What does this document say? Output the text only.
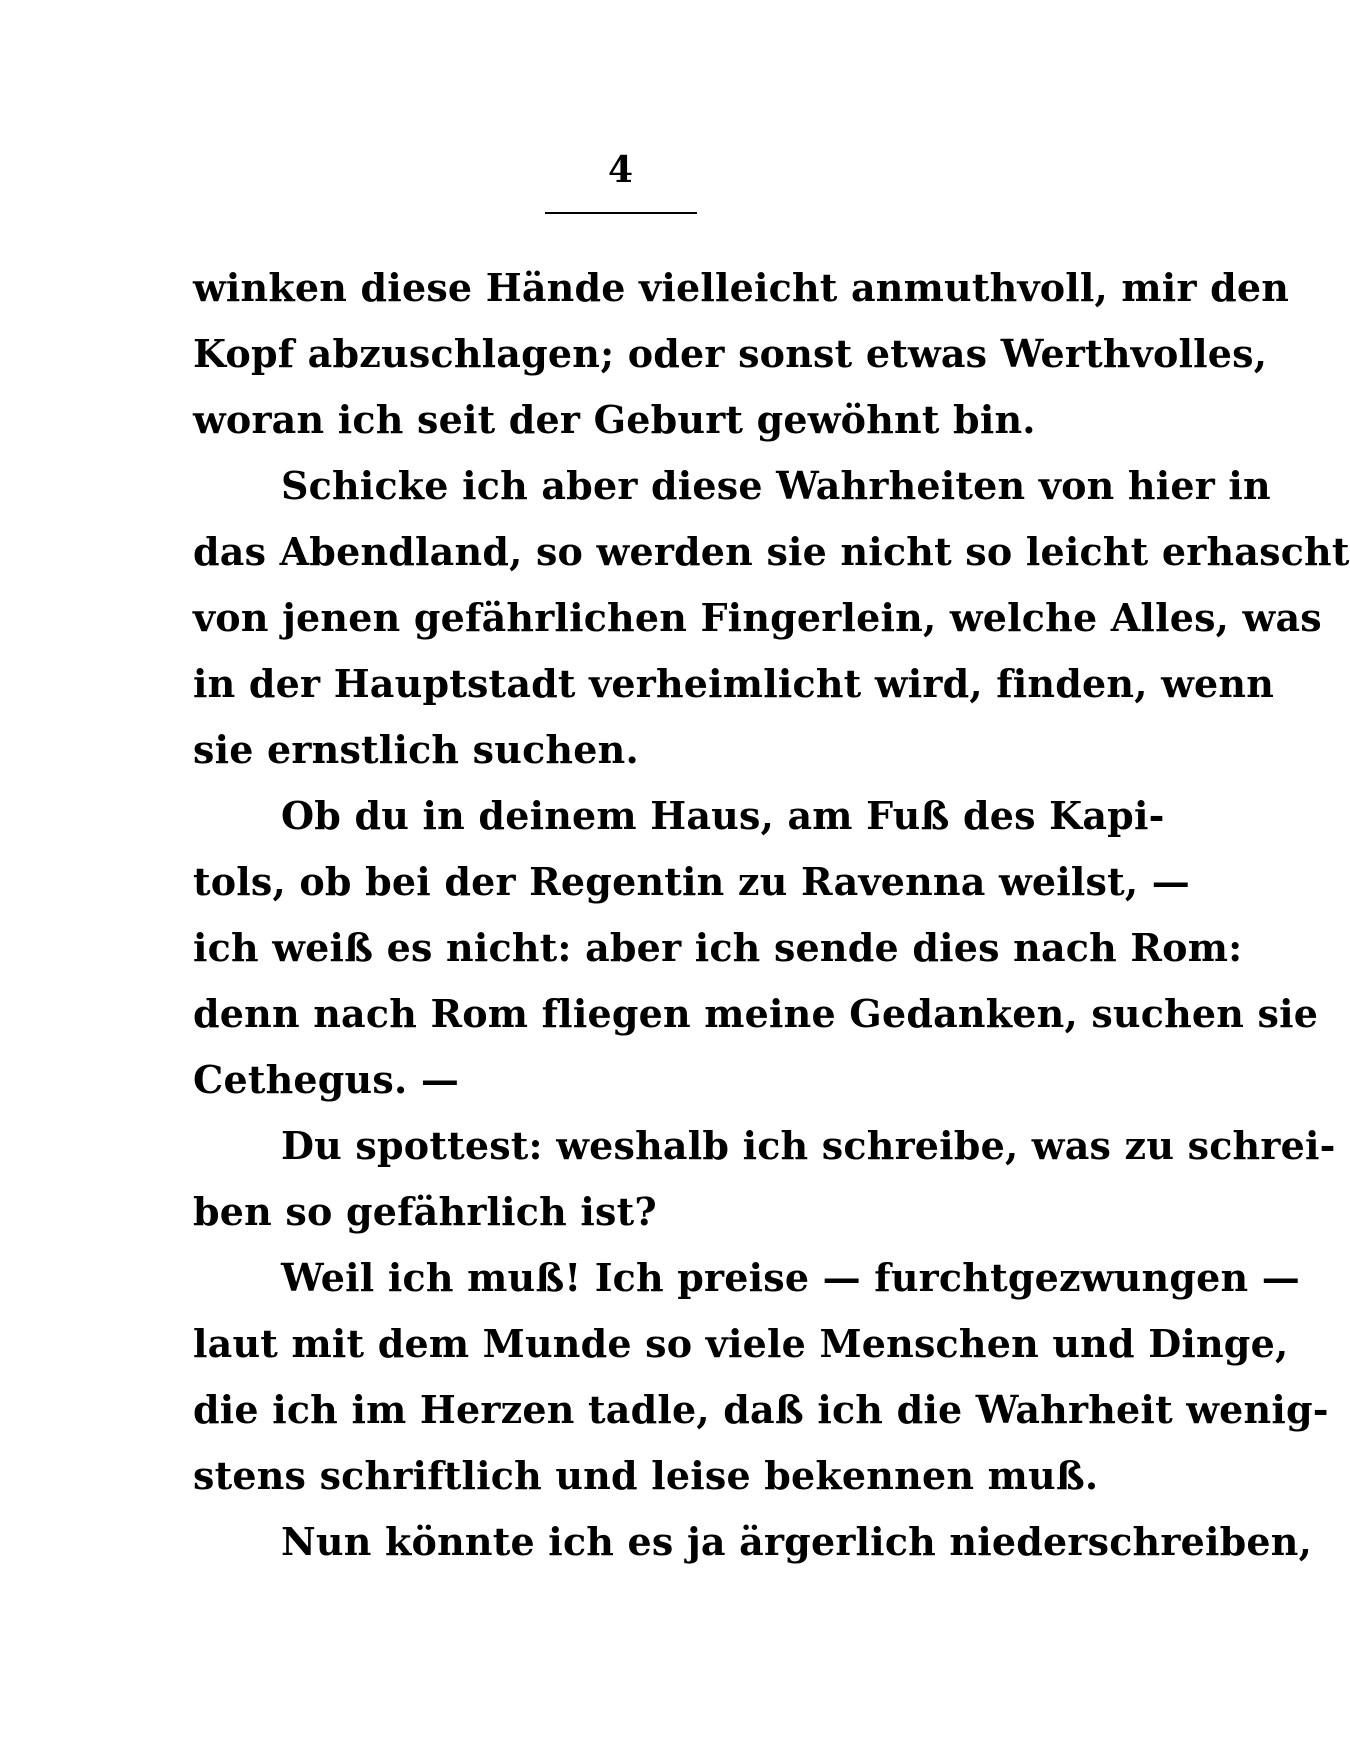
4
winken diese Hände vielleicht anmuthvoll, mir den
Kopf abzuschlagen; oder sonst etwas Werthvolles,
woran ich seit der Geburt gewöhnt bin.
Schicke ich aber diese Wahrheiten von hier in
das Abendland, so werden sie nicht so leicht erhascht
von jenen gefährlichen Fingerlein, welche Alles, was
in der Hauptstadt verheimlicht wird, finden, wenn
sie ernstlich suchen.
Ob du in deinem Haus, am Fuß des Kapi-
tols, ob bei der Regentin zu Ravenna weilst, —
ich weiß es nicht: aber ich sende dies nach Rom:
denn nach Rom fliegen meine Gedanken, suchen sie
Cethegus. —
Du spottest: weshalb ich schreibe, was zu schrei-
ben so gefährlich ist?
Weil ich muß! Ich preise — furchtgezwungen —
laut mit dem Munde so viele Menschen und Dinge,
die ich im Herzen tadle, daß ich die Wahrheit wenig-
stens schriftlich und leise bekennen muß.
Nun könnte ich es ja ärgerlich niederschreiben,
